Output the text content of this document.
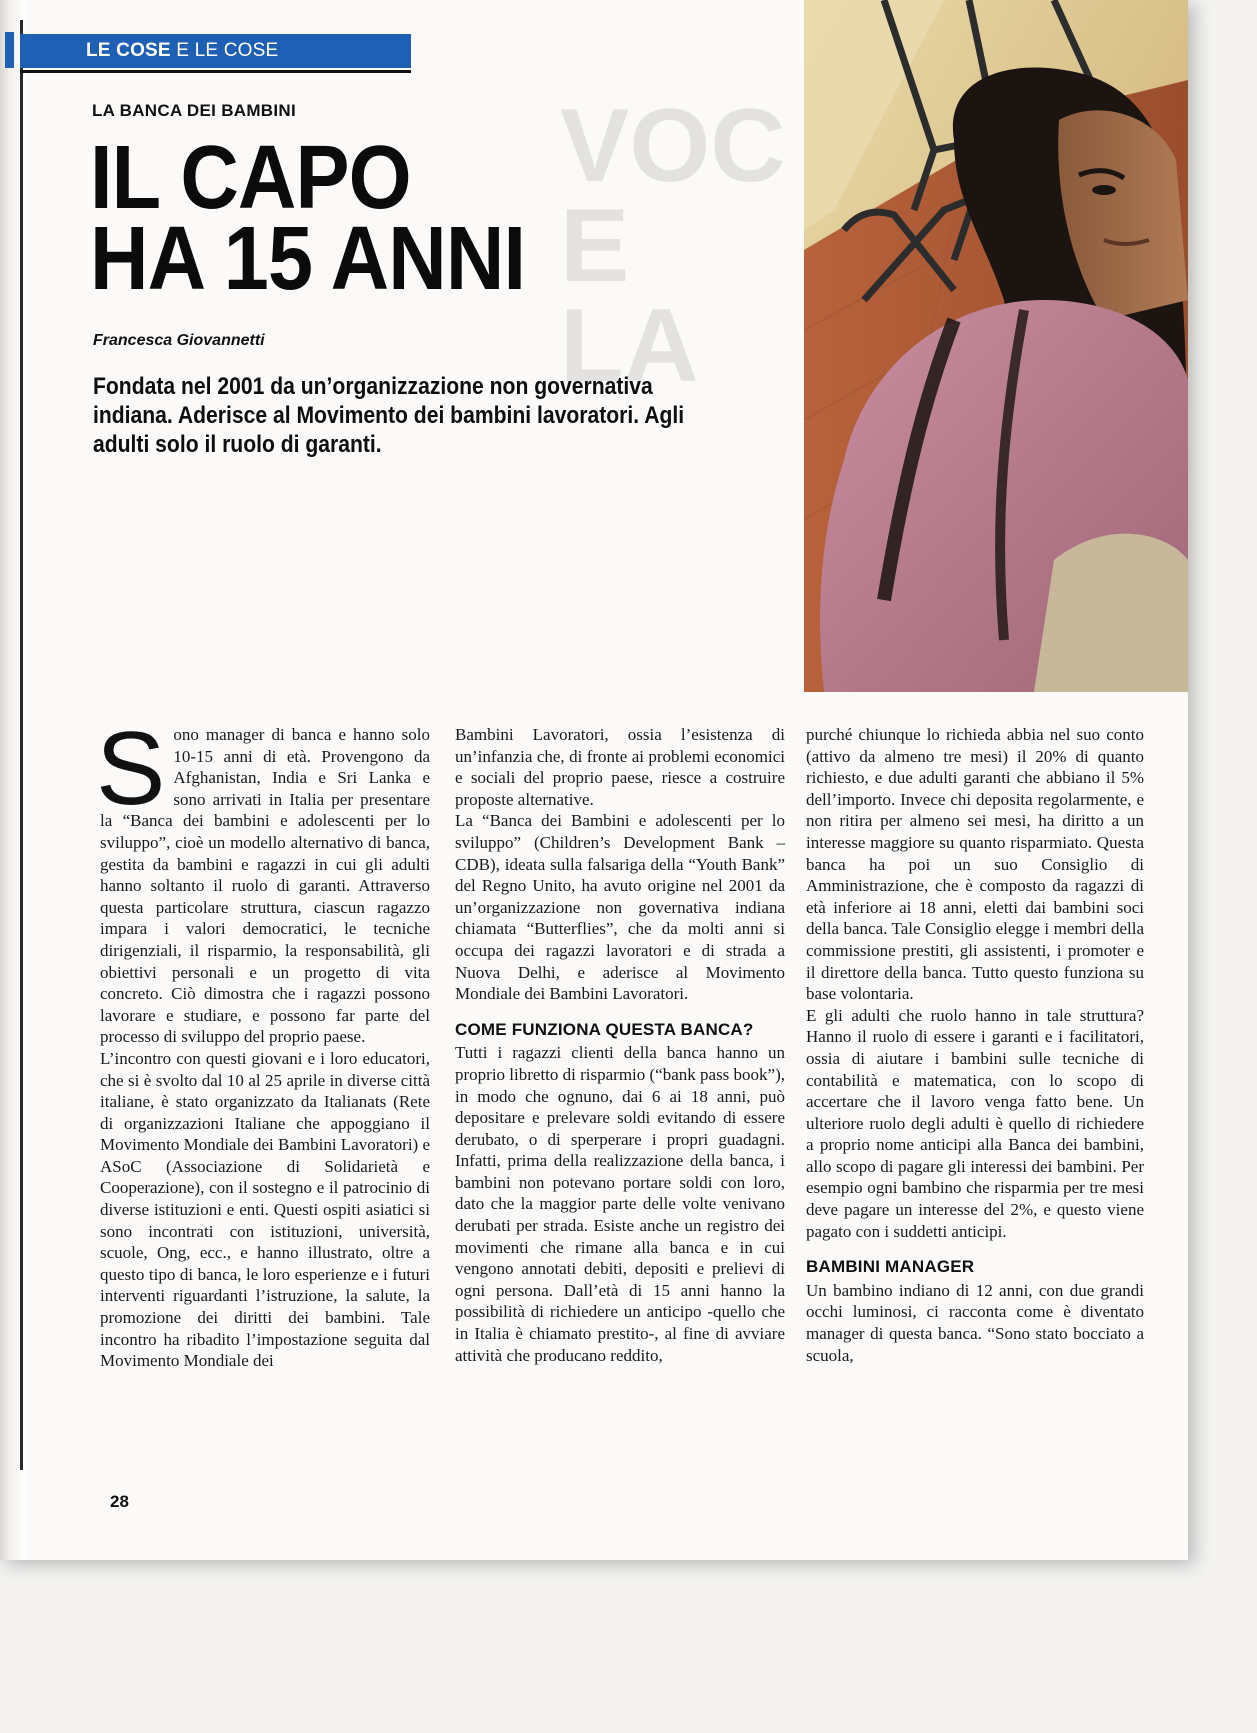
LE COSE E LE COSE
VOC
E
LA
LA BANCA DEI BAMBINI
IL CAPO
HA 15 ANNI
Francesca Giovannetti
Fondata nel 2001 da un’organizzazione non governativa indiana. Aderisce al Movimento dei bambini lavoratori. Agli adulti solo il ruolo di garanti.
S ono manager di banca e hanno solo 10-15 anni di età. Provengono da Afghanistan, India e Sri Lanka e sono arrivati in Italia per presentare la “Banca dei bambini e adolescenti per lo sviluppo”, cioè un modello alternativo di banca, gestita da bambini e ragazzi in cui gli adulti hanno soltanto il ruolo di garanti. Attraverso questa particolare struttura, ciascun ragazzo impara i valori democratici, le tecniche dirigenziali, il risparmio, la responsabilità, gli obiettivi personali e un progetto di vita concreto. Ciò dimostra che i ragazzi possono lavorare e studiare, e possono far parte del processo di sviluppo del proprio paese.

L’incontro con questi giovani e i loro educatori, che si è svolto dal 10 al 25 aprile in diverse città italiane, è stato organizzato da Italianats (Rete di organizzazioni Italiane che appoggiano il Movimento Mondiale dei Bambini Lavoratori) e ASoC (Associazione di Solidarietà e Cooperazione), con il sostegno e il patrocinio di diverse istituzioni e enti. Questi ospiti asiatici si sono incontrati con istituzioni, università, scuole, Ong, ecc., e hanno illustrato, oltre a questo tipo di banca, le loro esperienze e i futuri interventi riguardanti l’istruzione, la salute, la promozione dei diritti dei bambini. Tale incontro ha ribadito l’impostazione seguita dal Movimento Mondiale dei

Bambini Lavoratori, ossia l’esistenza di un’infanzia che, di fronte ai problemi economici e sociali del proprio paese, riesce a costruire proposte alternative.

La “Banca dei Bambini e adolescenti per lo sviluppo” (Children’s Development Bank – CDB), ideata sulla falsariga della “Youth Bank” del Regno Unito, ha avuto origine nel 2001 da un’organizzazione non governativa indiana chiamata “Butterflies”, che da molti anni si occupa dei ragazzi lavoratori e di strada a Nuova Delhi, e aderisce al Movimento Mondiale dei Bambini Lavoratori.

COME FUNZIONA QUESTA BANCA?

Tutti i ragazzi clienti della banca hanno un proprio libretto di risparmio (“bank pass book”), in modo che ognuno, dai 6 ai 18 anni, può depositare e prelevare soldi evitando di essere derubato, o di sperperare i propri guadagni. Infatti, prima della realizzazione della banca, i bambini non potevano portare soldi con loro, dato che la maggior parte delle volte venivano derubati per strada. Esiste anche un registro dei movimenti che rimane alla banca e in cui vengono annotati debiti, depositi e prelievi di ogni persona. Dall’età di 15 anni hanno la possibilità di richiedere un anticipo -quello che in Italia è chiamato prestito-, al fine di avviare attività che producano reddito,

purché chiunque lo richieda abbia nel suo conto (attivo da almeno tre mesi) il 20% di quanto richiesto, e due adulti garanti che abbiano il 5% dell’importo. Invece chi deposita regolarmente, e non ritira per almeno sei mesi, ha diritto a un interesse maggiore su quanto risparmiato. Questa banca ha poi un suo Consiglio di Amministrazione, che è composto da ragazzi di età inferiore ai 18 anni, eletti dai bambini soci della banca. Tale Consiglio elegge i membri della commissione prestiti, gli assistenti, i promoter e il direttore della banca. Tutto questo funziona su base volontaria.

E gli adulti che ruolo hanno in tale struttura? Hanno il ruolo di essere i garanti e i facilitatori, ossia di aiutare i bambini sulle tecniche di contabilità e matematica, con lo scopo di accertare che il lavoro venga fatto bene. Un ulteriore ruolo degli adulti è quello di richiedere a proprio nome anticipi alla Banca dei bambini, allo scopo di pagare gli interessi dei bambini. Per esempio ogni bambino che risparmia per tre mesi deve pagare un interesse del 2%, e questo viene pagato con i suddetti anticipi.

BAMBINI MANAGER

Un bambino indiano di 12 anni, con due grandi occhi luminosi, ci racconta come è diventato manager di questa banca. “Sono stato bocciato a scuola,

28
